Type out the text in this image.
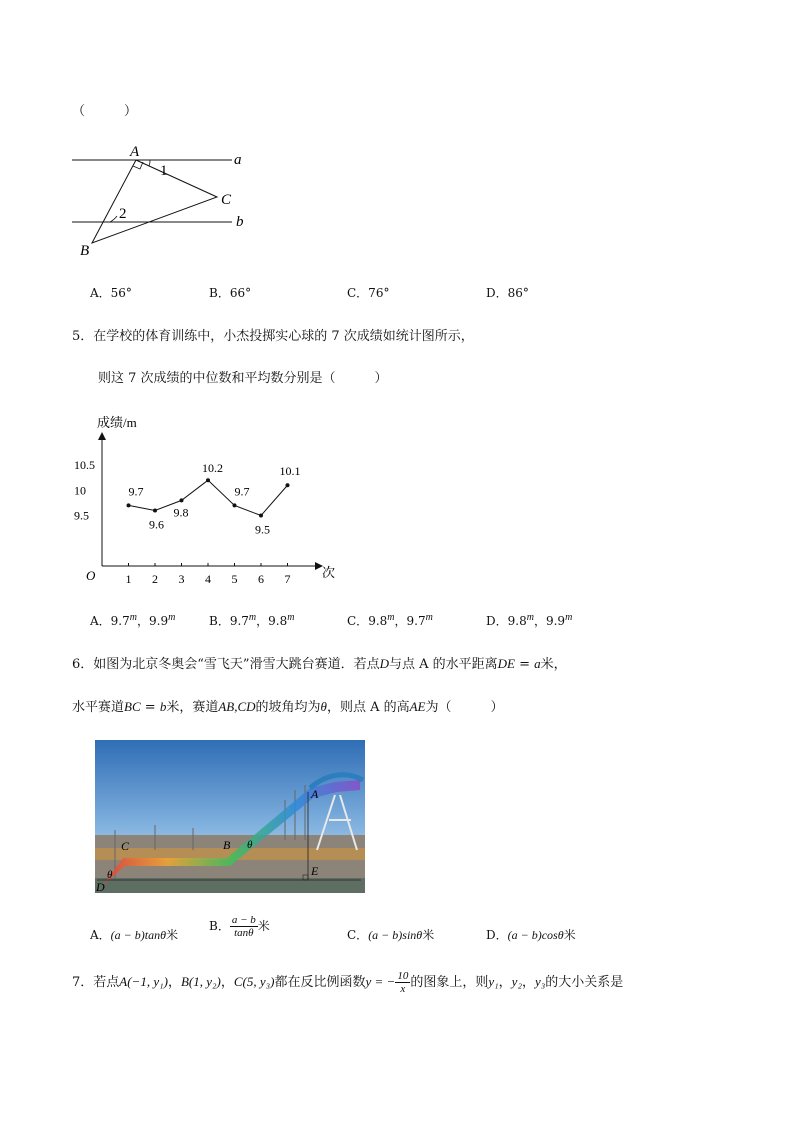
（　　　）
A
B
C
a
b
1
2
A．56°	B．66°	C．76°	D．86°
5．在学校的体育训练中，小杰投掷实心球的 7 次成绩如统计图所示，
则这 7 次成绩的中位数和平均数分别是（　　　）
成绩/m
次
O	1 2 3 4 5 6 7
9.5
10
10.5
9.7
9.6
9.8
10.2
9.7
9.5
10.1
A．9.7$^m$，9.9$^m$	B．9.7$^m$，9.8$^m$	C．9.8$^m$，9.7$^m$	D．9.8$^m$，9.9$^m$
6．如图为北京冬奥会“雪飞天”滑雪大跳台赛道．若点D与点 A 的水平距离DE = a米，
水平赛道BC = b米，赛道AB,CD的坡角均为θ，则点 A 的高AE为（　　　）
A
B
C
D
E
θ
θ
A．(a − b)tanθ米
B． $\frac{a - b}{\tan\theta}$ 米
C．(a − b)sinθ米	D．(a − b)cosθ米
7．若点A(−1, y₁)，B(1, y₂)，C(5, y₃)都在反比例函数y = − $\frac{10}{x}$ 的图象上，则y₁，y₂，y₃的大小关系是
